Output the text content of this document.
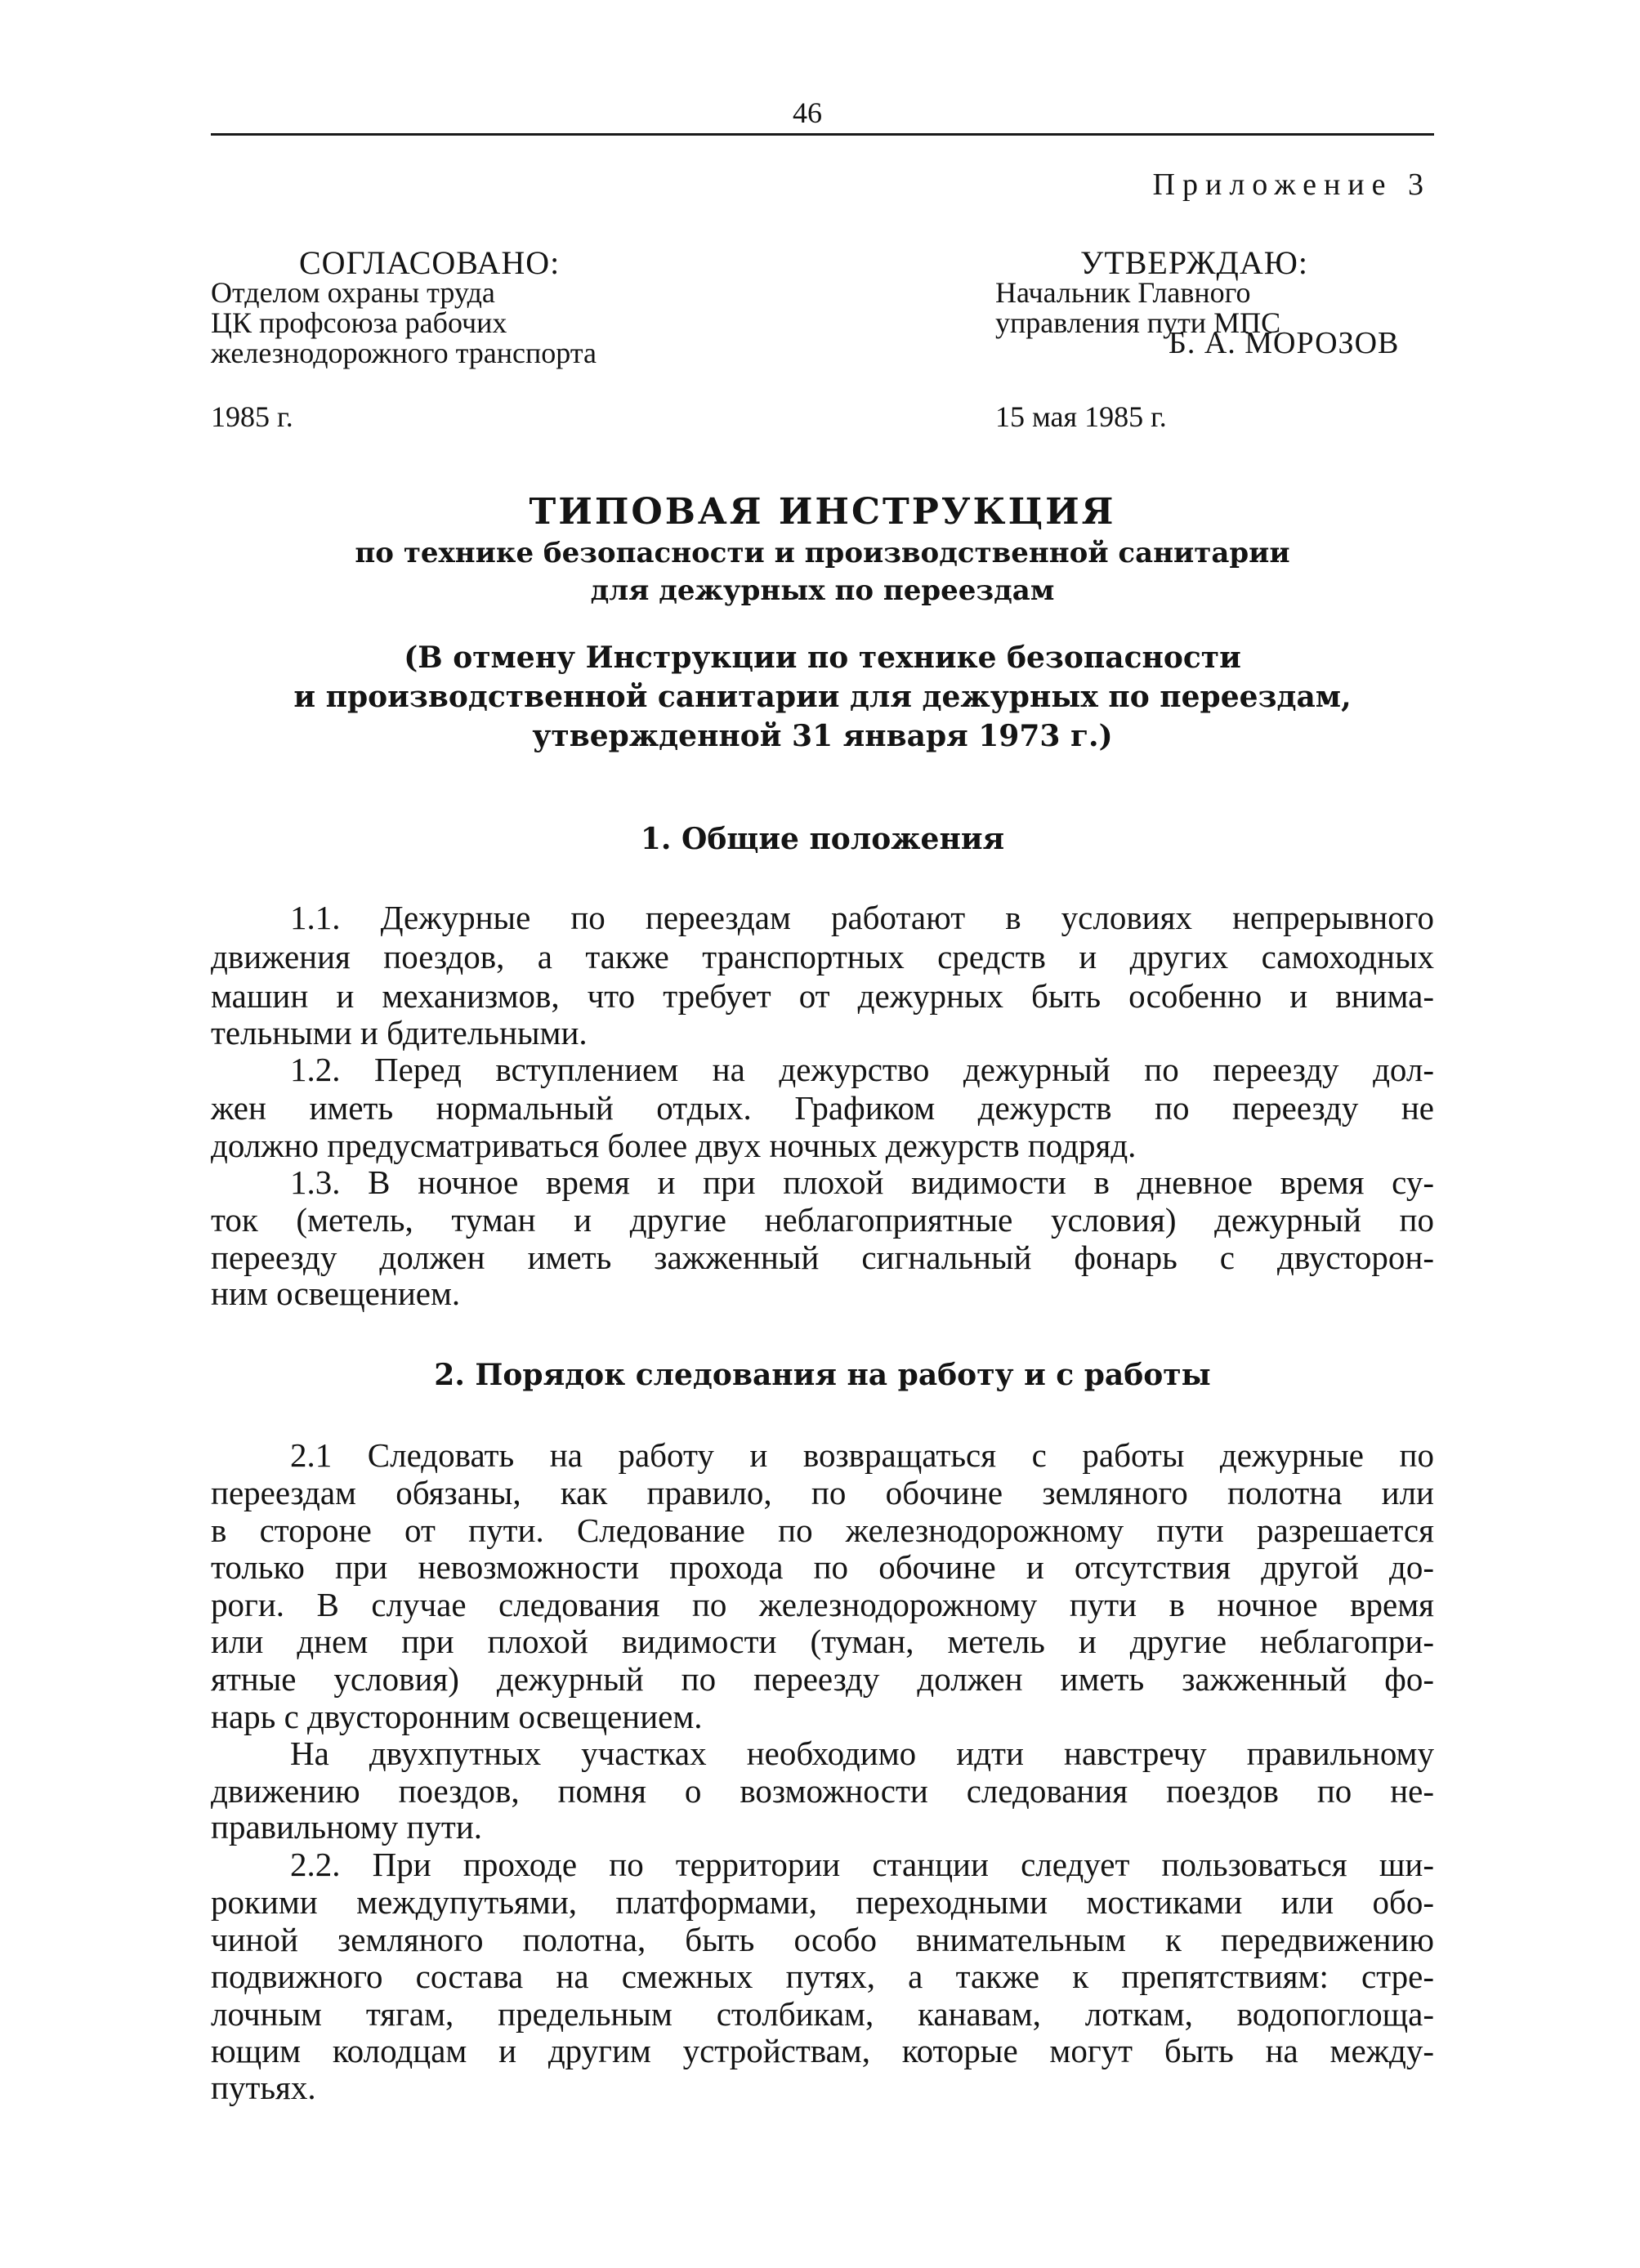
46
Приложение 3
СОГЛАСОВАНО:
Отделом охраны труда
ЦК профсоюза рабочих
железнодорожного транспорта
1985 г.
УТВЕРЖДАЮ:
Начальник Главного
управления пути МПС
Б. А. МОРОЗОВ
15 мая 1985 г.
ТИПОВАЯ ИНСТРУКЦИЯ
по технике безопасности и производственной санитарии
для дежурных по переездам
(В отмену Инструкции по технике безопасности
и производственной санитарии для дежурных по переездам,
утвержденной 31 января 1973 г.)
1. Общие положения
1.1. Дежурные по переездам работают в условиях непрерывного
движения поездов, а также транспортных средств и других самоходных
машин и механизмов, что требует от дежурных быть особенно и внима-
тельными и бдительными.
1.2. Перед вступлением на дежурство дежурный по переезду дол-
жен иметь нормальный отдых. Графиком дежурств по переезду не
должно предусматриваться более двух ночных дежурств подряд.
1.3. В ночное время и при плохой видимости в дневное время су-
ток (метель, туман и другие неблагоприятные условия) дежурный по
переезду должен иметь зажженный сигнальный фонарь с двусторон-
ним освещением.
2. Порядок следования на работу и с работы
2.1 Следовать на работу и возвращаться с работы дежурные по
переездам обязаны, как правило, по обочине земляного полотна или
в стороне от пути. Следование по железнодорожному пути разрешается
только при невозможности прохода по обочине и отсутствия другой до-
роги. В случае следования по железнодорожному пути в ночное время
или днем при плохой видимости (туман, метель и другие неблагопри-
ятные условия) дежурный по переезду должен иметь зажженный фо-
нарь с двусторонним освещением.
На двухпутных участках необходимо идти навстречу правильному
движению поездов, помня о возможности следования поездов по не-
правильному пути.
2.2. При проходе по территории станции следует пользоваться ши-
рокими междупутьями, платформами, переходными мостиками или обо-
чиной земляного полотна, быть особо внимательным к передвижению
подвижного состава на смежных путях, а также к препятствиям: стре-
лочным тягам, предельным столбикам, канавам, лоткам, водопоглоща-
ющим колодцам и другим устройствам, которые могут быть на между-
путьях.
